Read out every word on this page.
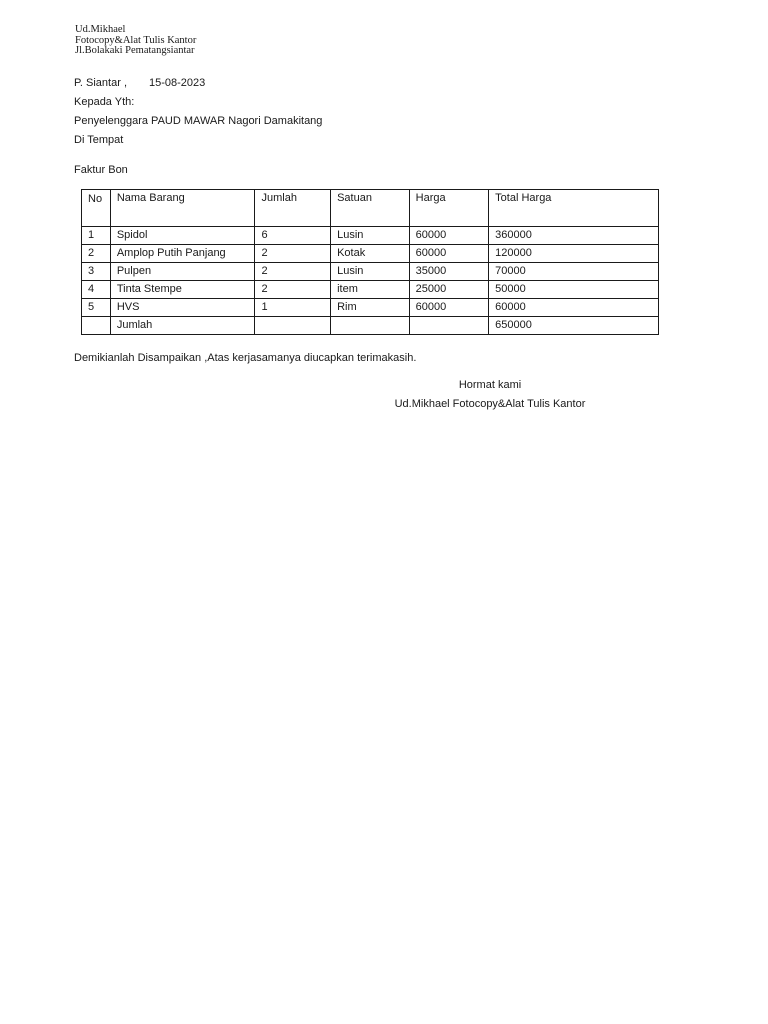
Ud.Mikhael
Fotocopy&Alat Tulis Kantor
Jl.Bolakaki Pematangsiantar
P. Siantar , 15-08-2023
Kepada Yth:
Penyelenggara PAUD MAWAR Nagori Damakitang
Di Tempat
Faktur Bon
No	Nama Barang	Jumlah	Satuan	Harga	Total Harga
1	Spidol	6	Lusin	60000	360000
2	Amplop Putih Panjang	2	Kotak	60000	120000
3	Pulpen	2	Lusin	35000	70000
4	Tinta Stempe	2	item	25000	50000
5	HVS	1	Rim	60000	60000
	Jumlah				650000
Demikianlah Disampaikan ,Atas kerjasamanya diucapkan terimakasih.
Hormat kami
Ud.Mikhael Fotocopy&Alat Tulis Kantor
